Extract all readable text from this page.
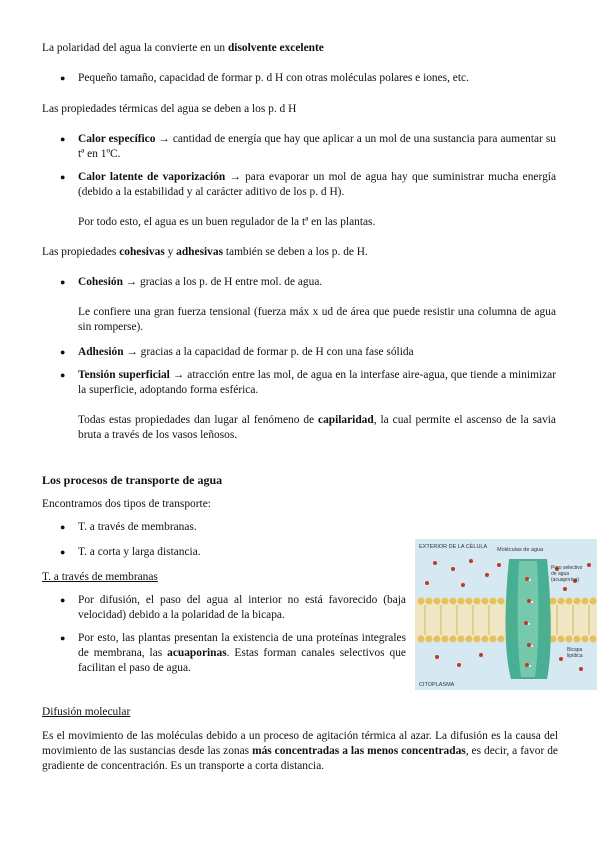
La polaridad del agua la convierte en un disolvente excelente

● Pequeño tamaño, capacidad de formar p. d H con otras moléculas polares e iones, etc.

Las propiedades térmicas del agua se deben a los p. d H

● Calor específico → cantidad de energía que hay que aplicar a un mol de una sustancia para aumentar su tª en 1ºC.
● Calor latente de vaporización → para evaporar un mol de agua hay que suministrar mucha energía (debido a la estabilidad y al carácter aditivo de los p. d H).

Por todo esto, el agua es un buen regulador de la tª en las plantas.

Las propiedades cohesivas y adhesivas también se deben a los p. de H.

● Cohesión → gracias a los p. de H entre mol. de agua.

Le confiere una gran fuerza tensional (fuerza máx x ud de área que puede resistir una columna de agua sin romperse).

● Adhesión → gracias a la capacidad de formar p. de H con una fase sólida
● Tensión superficial → atracción entre las mol, de agua en la interfase aire-agua, que tiende a minimizar la superficie, adoptando forma esférica.

Todas estas propiedades dan lugar al fenómeno de capilaridad, la cual permite el ascenso de la savia bruta a través de los vasos leñosos.

Los procesos de transporte de agua

Encontramos dos tipos de transporte:

● T. a través de membranas.
● T. a corta y larga distancia.

T. a través de membranas

● Por difusión, el paso del agua al interior no está favorecido (baja velocidad) debido a la polaridad de la bicapa.
● Por esto, las plantas presentan la existencia de una proteínas integrales de membrana, las acuaporinas. Estas forman canales selectivos que facilitan el paso de agua.
EXTERIOR DE LA CÉLULA Moléculas de agua
Poro selectivo de agua (acuaporina)
Bicapa lipídica
CITOPLASMA

Difusión molecular

Es el movimiento de las moléculas debido a un proceso de agitación térmica al azar. La difusión es la causa del movimiento de las sustancias desde las zonas más concentradas a las menos concentradas, es decir, a favor de gradiente de concentración. Es un transporte a corta distancia.
